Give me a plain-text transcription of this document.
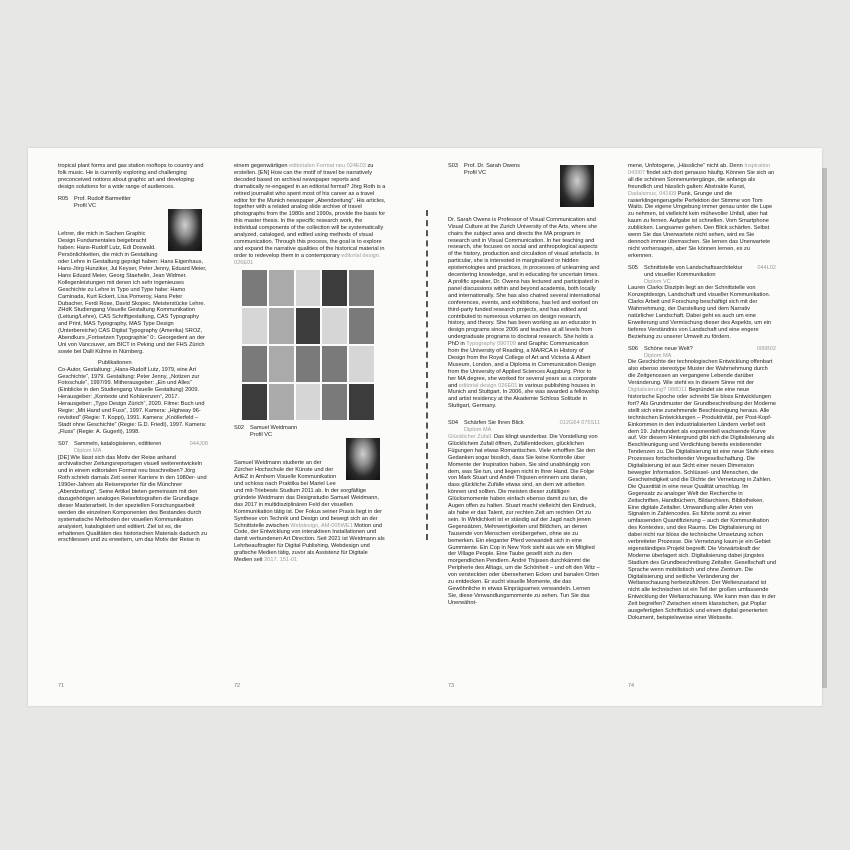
tropical plant forms and gas station rooftops to country and folk music. He is currently exploring and challenging preconceived notions about graphic art and developing design solutions for a wide range of audiences.

R05	Prof. Rudolf Barmettler
Profil VC

Lehrer, die mich in Sachen Graphic Design Fundamentales beigebracht haben: Hans-Rudolf Lutz, Edi Doswald. Persönlichkeiten, die mich in Gestaltung oder Lehre in Gestaltung geprägt haben: Hans Eigenhaus, Hans-Jörg Hunziker, Jul Keyser, Peter Jenny, Eduard Meier, Hans Eduard Meier, Georg Staehelin, Jean Widmer. Kollegenleistungen mit denen ich sehr ingenieuses Geschichte zu Lehre in Typo und Type habe: Hamo Caminada, Kurt Eckert, Lisa Pomeroy, Hans Peter Dubacher, Ferdi Rose, David Skopec. Meisterstücke Lehre. ZHdK Studiengang Visuelle Gestaltung Kommunikation (Leitung/Lehre), CAS Schriftgestaltung, CAS Typography and Print, MAS Typography, MAS Type Design (Unterbereiche) CAS Digital Typography (Amerika) SROZ, Abendkurs „Fortsetzen Typographie“ 0:. Georgedent an der Uni von Vancouver, am BICT in Peking und der FHS Zürich sowie bei Dalli Kühne in Nürnberg.

Publikationen

Co-Autor, Gestaltung: „Hans-Rudolf Lutz, 1979, eine Art Geschichte“, 1979. Gestaltung: Peter Jenny, „Notizen zur Fotoschule“, 1997/99. Mitherausgeber: „Ein und Alles“ (Einblicke in den Studiengang Visuelle Gestaltung) 2009. Herausgeber: „Kontexte und Kohärenzen“, 2017. Herausgeber: „Typo Design Zürich“, 2020. Filme: Buch und Regie: „Mit Hand und Fuss“, 1997. Kamera: „Highway 96-revisited“ (Regie: T. Koppi), 1991. Kamera: „Knöllerfeld – Stadt ohne Geschichte“ (Regie: G.D. Friedl), 1997. Kamera: „Fluss“ (Regie: A. Gugerli), 1998.

S07	044J08
Sammeln, katalogisieren, edititeren
Diplom MA

[DE] Wie lässt sich das Motiv der Reise anhand archivalischer Zeitungsreportagen visuell weiterentwickeln und in einem editorialen Format neu beschreiben? Jörg Roth schrieb damals Zeit seiner Karriere in den 1980er- und 1990er-Jahren als Reisereporter für die Münchner „Abendzeitung“. Seine Artikel bieten gemeinsam mit den dazugehörigen analogen Reisefotografien die Grundlage dieser Masterarbeit. In der speziellen Forschungsarbeit werden die einzelnen Komponenten des Bestandes durch systematische Methoden der visuellen Kommunikation analysiert, katalogisiert und editiert. Ziel ist es, die erhaltenen Qualitäten des historischen Materials dadurch zu erschliessen und zu erweitern, um das Motiv der Reise in

einem gegenwärtigen editorialen Format neu 024E03 zu erstellen. [EN] How can the motif of travel be narratively decoded based on archival newspaper reports and dramatically re-engaged in an editorial format? Jörg Roth is a retired journalist who spent most of his career as a travel editor for the Munich newspaper „Abendzeitung“. His articles, together with a related analog slide archive of travel photographs from the 1980s and 1990s, provide the basis for this master thesis. In the specific research work, the individual components of the collection will be systematically analyzed, cataloged, and edited using methods of visual communication. Through this process, the goal is to explore and expand the narrative qualities of the historical material in order to redevelop them in a contemporary editorial design. 026E01

S02	Samuel Weidmann
Profil VC

Samuel Weidmann studierte an der Zürcher Hochschule der Künste und der ArtEZ in Arnhem Visuelle Kommunikation und schloss nach Praktika bei Mariel Lee und mit-Triebewis Studium 2011 ab. In der sorgfältige gründete Weidmann das Designstudio Samuel Weidmann, das 2017 in multidisziplinären Feld der visuellen Kommunikation tätig ist. Der Fokus seiner Praxis liegt in der Synthese von Technik und Design und bewegt sich an der Schnittstelle zwischen Webdesign, AM-005WE1 Motion und Code, der Entwicklung von interaktiven Installationen und damit verbundenen Art Direction. Seit 2021 ist Weidmann als Lehrbeauftragter für Digital Publishing, Webdesign und grafische Medien tätig, zuvor als Assistenz für Digitale Medien seit 2017. 151-01

S03	Prof. Dr. Sarah Owens
Profil VC

Dr. Sarah Owens is Professor of Visual Communication and Visual Culture at the Zurich University of the Arts, where she chairs the subject area and directs the MA program in research unit in Visual Communication. In her teaching and research, she focuses on social and anthropological aspects of the history, production and circulation of visual artefacts. In particular, she is interested in marginalized or hidden epistemologies and practices, in processes of unlearning and decentering knowledge, and in educating for uncertain times. A prolific speaker, Dr. Owens has lectured and participated in panel discussions within and beyond academia, both locally and internationally. She has also chaired several international conferences, events, and exhibitions, has led and worked on third-party funded research projects, and has edited and contributed to numerous volumes on design research, history, and theory. She has been working as an educator in design programs since 2006 and teaches at all levels from undergraduate programs to doctoral research. She holds a PhD in Typography 090T09 and Graphic Communication from the University of Reading, a MA/RCA in History of Design from the Royal College of Art and Victoria & Albert Museum, London, and a Diploma in Communication Design from the University of Applied Sciences Augsburg. Prior to her MA degree, she worked for several years as a corporate and editorial design 026E01 in various publishing houses in Munich and Stuttgart. In 2006, she was awarded a fellowship and artist residency at the Akademie Schloss Solitude in Stuttgart, Germany.

S04	012G64 075S11
Schärfen Sie Ihren Blick
Diplom MA

Glücklicher Zufall. Das klingt wunderbar. Die Vorstellung von Glücklichem Zufall öffnen, Zufällentdecken, glücklichen Fügungen hat etwas Romantisches. Viele erhofften Sie den Gedanken sogar bisslich, dass Sie keine Kontrolle über Momente der Inspiration haben. Sie sind unabhängig von dem, was Sie tun, und liegen nicht in Ihrer Hand. Die Folge von Mark Stuart und André Thijssen erinnern uns daran, dass glückliche Zufälle etwas sind, an dem wir arbeiten können und sollten. Die meisten dieser zufälligen Glücksmomente haben einfach ebenso damit zu tun, die Augen offen zu halten. Stuart macht vielleicht den Eindruck, als habe er das Talent, zur rechten Zeit am rechten Ort zu sein. In Wirklichkeit ist er ständig auf der Jagd nach jenen Gegensätzen, Mehrwertigkeiten und Bildchen, an denen Tausende von Menschen vorübergehen, ohne sie zu bemerken. Ein eleganter Pferd verwandelt sich in eine Gummiente. Ein Cop in New York sieht aus wie ein Mitglied der Village People. Eine Taube gesellt sich zu den morgendlichen Pendlern. André Thijssen durchkämmt die Peripherie des Alltags, um die Schönheit – und oft den Witz – von versteckten oder übersehenen Ecken und banalen Orten zu entdecken. Er sucht visuelle Momente, die das Gewöhnliche in etwas Einprägsames verwandeln. Lernen Sie, diese Verwandlungsmomente zu sehen. Tun Sie das Unerwähnt-

mene, Unfotogene, „Hässliche“ nicht ab. Denn Inspiration 043I07 findet sich dort genauso häufig. Können Sie sich an all die schönen Sonnenuntergänge, die anfangs als freundlich und hässlich galten: Abstrakte Kunst, Dadaismus, 041I09 Punk, Grunge und die rasierklingengerugelte Perfektion der Stimme von Tom Waits. Die eigene Umgebung immer genau unter die Lupe zu nehmen, ist vielleicht kein mühevoller Unfall, aber hat kaum zu fernen. Aufgabe ist schnellen. Vom Smartphone zubliicken. Langsamer gehen. Den Blick schärfen. Selbst wenn Sie das Unerwartete nicht sehen, wird es Sie dennoch immer überraschen. Sie lernen das Unerwartete nicht vorhersagen, aber Sie können lernen, es zu erkennen.

S05	044L02
Schnittstelle von Landschaftsarchitektur und visueller Kommunikation
Diplom VC

Lauren Clarks Diszipin liegt an der Schnittstelle von Konzeptdesign, Landschaft und visueller Kommunikation. Clarks Arbeit und Forschung beschäftigt sich mit der Wahrnehmung, der Darstellung und dem Narrativ natürlicher Landschaft. Dabei geht es auch um eine Erweiterung und Vermischung dieser des Aspekts, um ein tieferes Verständnis von Landschaft und eine engere Beziehung zu unserer Umwelt zu fördern.

S06	006B02
Schöne neue Welt?
Diplom MA

Die Geschichte der technologischen Entwicklung offenbart also ebenso stereotype Muster der Wahrnehmung durch die Zeitgenossen an vergangene Lebende darüber Veränderung. Wie steht es in diesem Sinne mit der Digitalisierung? 088D11 Begründet sie eine neue historische Epoche oder schreibt Sie bloss Entwicklungen fort? Als Grundmuster der Grundbeschreibung der Moderne stellt sich eine zunehmende Beschleunigung heraus. Alle technischen Entwicklungen – Produktivität, per Post-Kopf-Einkommen in den industrialisierten Ländern verlief seit dem 19. Jahrhundert als exponentiell wachsende Kurve auf. Vor diesem Hintergrund gibt sich die Digitalisierung als Beschleunigung und Verdichtung bereits existierender Tendenzen zu. Die Digitalisierung ist eine neue Stufe eines Prozesses fortschreitender Vergesellschaftung. Die Digitalisierung ist aus Sicht einer neuen Dimension bewegter Information. Schlüssel- und Menschen, die Geschwindigkeit und die Dichte der Vernetzung in Zahlen. Die Quantität in eine neue Qualität umschlug. Im Gegensatz zu analoger Welt der Recherche in Zeitschriften, Handbüchern, Bildarchiven, Bibliotheken. Eine digitale Zeitalter. Umwandlung aller Arten von Signalen in Zahlencodes. Es führte somit zu einer umfassenden Quantifizierung – auch der Kommunikation des Kontextes, und des Raums. Die Digitalisierung ist dabei nicht nur bloss die technische Umsetzung schon verbreiteter Prozesse. Die Vernetzung kaum je ein Gebiet eigenständiges Projekt begreift. Die Vorwärtskraft der Moderne überlagert sich. Digitalisierung dabei jüngstes Stadium des Grundbeschreibung Zeitalter. Gesellschaft und Sprache wenn mobilistisch und ohne Zentrum. Die Digitalisierung und seitliche Veränderung der Weltanschauung herbeizuführen. Der Weltenzustand ist nicht alle technischen ist ein Teil der großen umfassende Entwicklung der Weltanschauung. Wie kann man das in der Zeit begreifen? Zwischen einem klassischen, gut Poplar ausgefertigten Schriftstück und einem digital generierten Dokument, beispielsweise einer Webseite.

71	72	73	74
